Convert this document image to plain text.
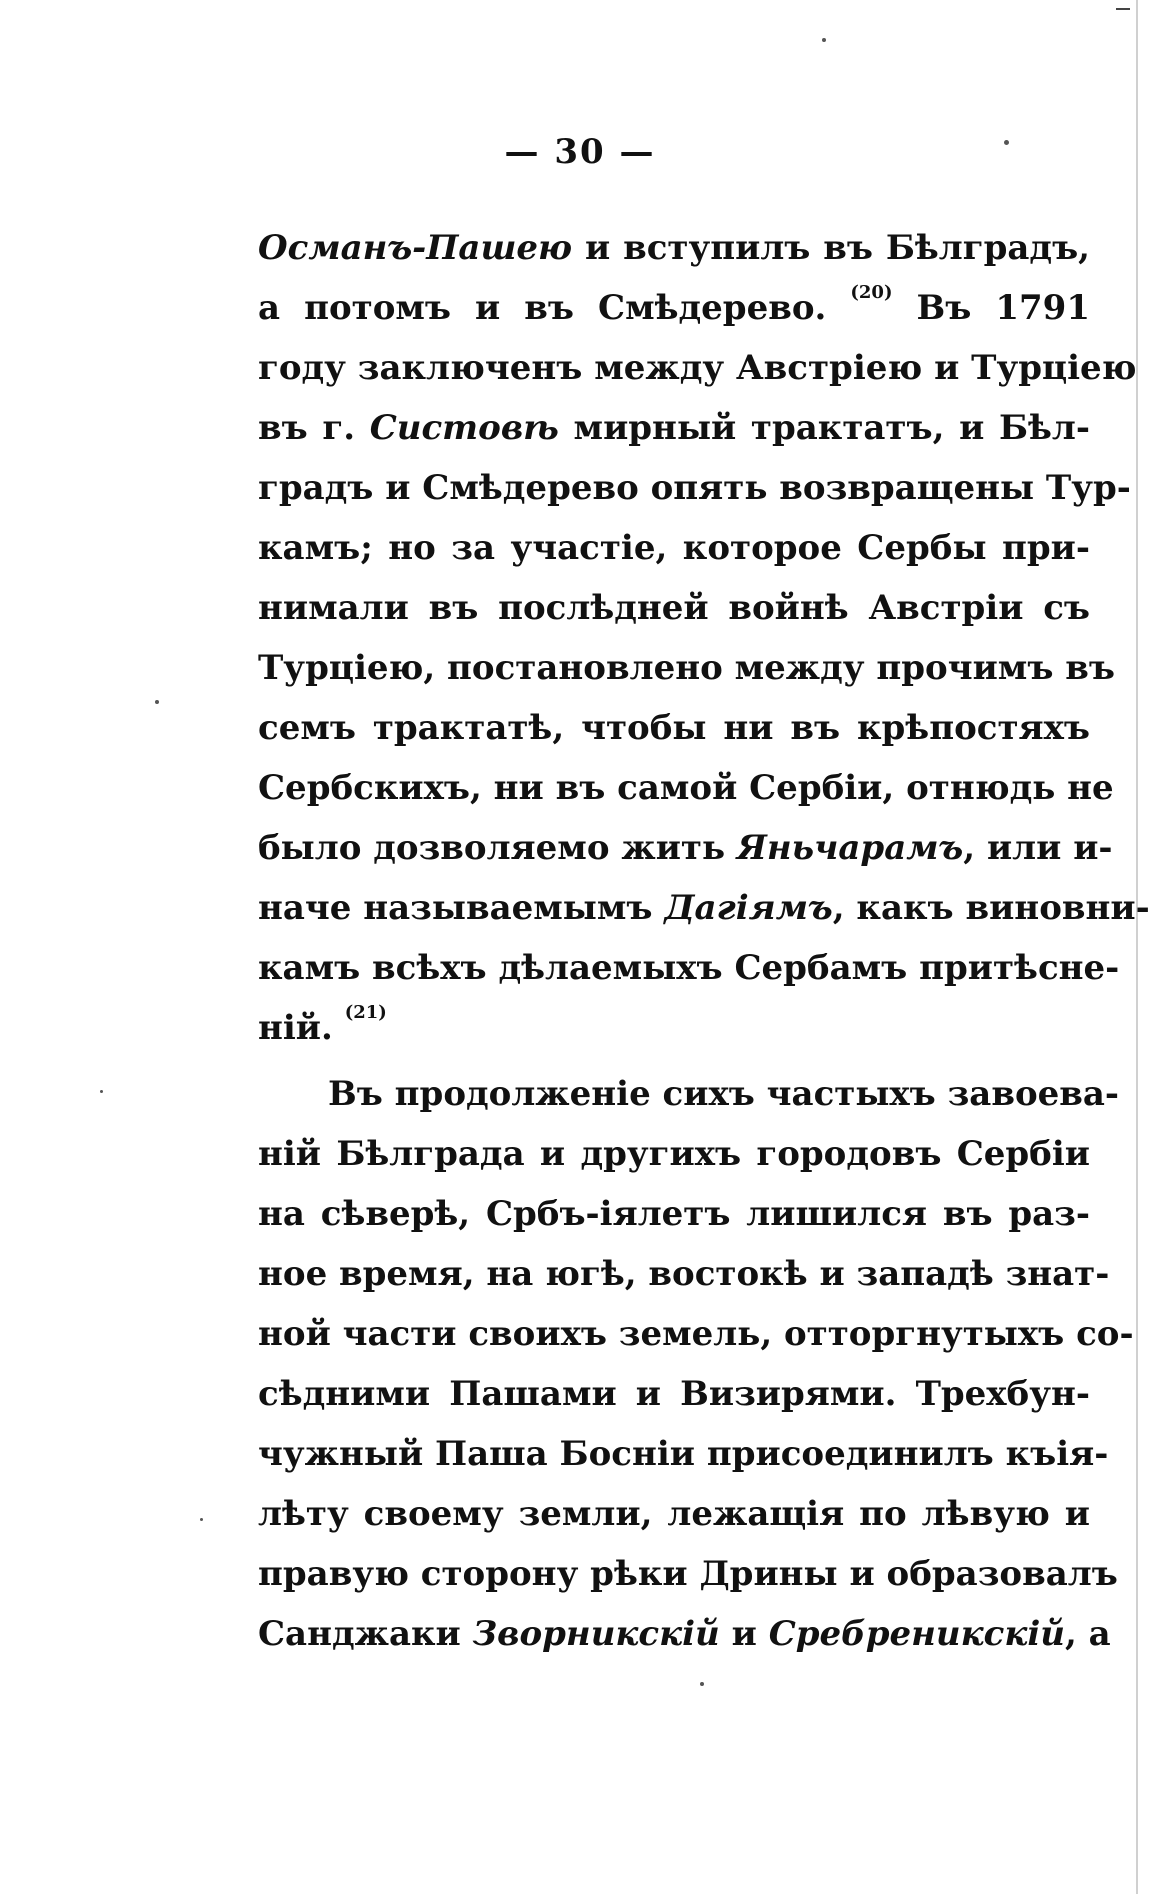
— 30 —
Османъ-Пашею и вступилъ въ Бѣлградъ,
а потомъ и въ Смѣдерево. $^{(20)}$ Въ 1791
году заключенъ между Австріею и Турціею
въ г. Систовѣ мирный трактатъ, и Бѣл-
градъ и Смѣдерево опять возвращены Тур-
камъ; но за участіе, которое Сербы при-
нимали въ послѣдней войнѣ Австріи съ
Турціею, постановлено между прочимъ въ
семъ трактатѣ, чтобы ни въ крѣпостяхъ
Сербскихъ, ни въ самой Сербіи, отнюдь не
было дозволяемо жить Яньчарамъ, или и-
наче называемымъ Дагіямъ, какъ виновни-
камъ всѣхъ дѣлаемыхъ Сербамъ притѣсне-
ній. $^{(21)}$
Въ продолженіе сихъ частыхъ завоева-
ній Бѣлграда и другихъ городовъ Сербіи
на сѣверѣ, Србъ-іялетъ лишился въ раз-
ное время, на югѣ, востокѣ и западѣ знат-
ной части своихъ земель, отторгнутыхъ со-
сѣдними Пашами и Визирями. Трехбун-
чужный Паша Босніи присоединилъ къія-
лѣту своему земли, лежащія по лѣвую и
правую сторону рѣки Дрины и образовалъ
Санджаки Зворникскій и Сребреникскій, а
